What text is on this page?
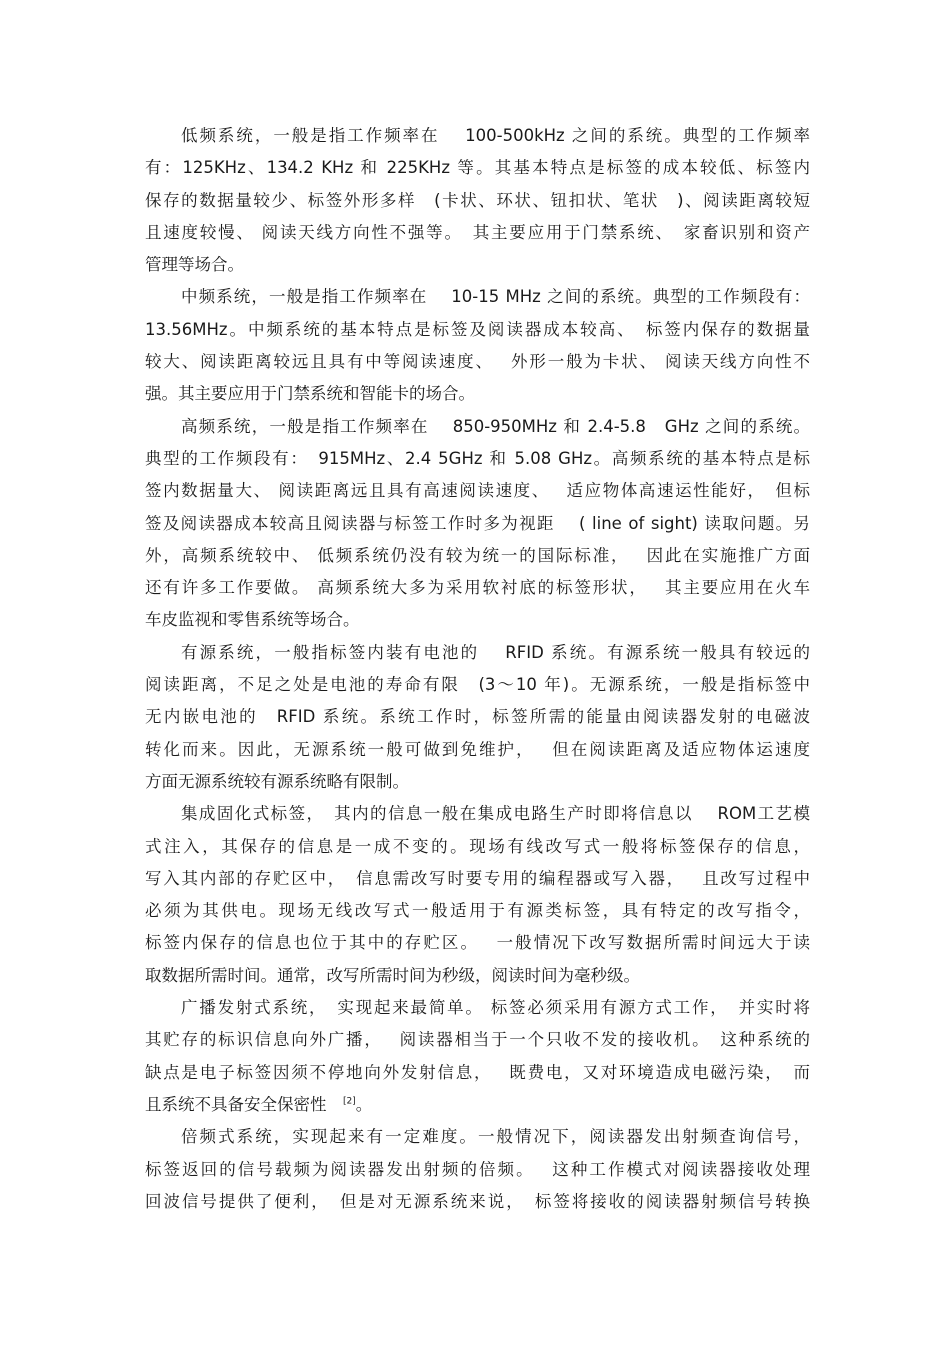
低频系统，一般是指工作频率在　 100-500kHz 之间的系统。典型的工作频率
有：125KHz、134.2 KHz 和 225KHz 等。其基本特点是标签的成本较低、标签内
保存的数据量较少、标签外形多样　(卡状、环状、钮扣状、笔状　)、阅读距离较短
且速度较慢、 阅读天线方向性不强等。　其主要应用于门禁系统、　家畜识别和资产
管理等场合。
中频系统，一般是指工作频率在　 10-15 MHz 之间的系统。典型的工作频段有：
13.56MHz。中频系统的基本特点是标签及阅读器成本较高、　标签内保存的数据量
较大、阅读距离较远且具有中等阅读速度、　 外形一般为卡状、 阅读天线方向性不
强。其主要应用于门禁系统和智能卡的场合。
高频系统，一般是指工作频率在　 850-950MHz 和 2.4-5.8　GHz 之间的系统。
典型的工作频段有：　915MHz、2.4 5GHz 和 5.08 GHz。高频系统的基本特点是标
签内数据量大、 阅读距离远且具有高速阅读速度、　 适应物体高速运性能好，　但标
签及阅读器成本较高且阅读器与标签工作时多为视距　 ( line of sight) 读取问题。另
外，高频系统较中、 低频系统仍没有较为统一的国际标准，　 因此在实施推广方面
还有许多工作要做。 高频系统大多为采用软衬底的标签形状，　 其主要应用在火车
车皮监视和零售系统等场合。
有源系统，一般指标签内装有电池的　 RFID 系统。有源系统一般具有较远的
阅读距离，不足之处是电池的寿命有限　(3～10 年)。无源系统，一般是指标签中
无内嵌电池的　RFID 系统。系统工作时，标签所需的能量由阅读器发射的电磁波
转化而来。因此，无源系统一般可做到免维护，　 但在阅读距离及适应物体运速度
方面无源系统较有源系统略有限制。
集成固化式标签，　其内的信息一般在集成电路生产时即将信息以　 ROM工艺模
式注入，其保存的信息是一成不变的。现场有线改写式一般将标签保存的信息，
写入其内部的存贮区中，　信息需改写时要专用的编程器或写入器，　 且改写过程中
必须为其供电。现场无线改写式一般适用于有源类标签，具有特定的改写指令，
标签内保存的信息也位于其中的存贮区。　 一般情况下改写数据所需时间远大于读
取数据所需时间。通常，改写所需时间为秒级，阅读时间为毫秒级。
广播发射式系统，　实现起来最简单。 标签必须采用有源方式工作，　并实时将
其贮存的标识信息向外广播，　 阅读器相当于一个只收不发的接收机。　这种系统的
缺点是电子标签因须不停地向外发射信息，　 既费电，又对环境造成电磁污染，　而
且系统不具备安全保密性　[2]。
倍频式系统，实现起来有一定难度。一般情况下，阅读器发出射频查询信号，
标签返回的信号载频为阅读器发出射频的倍频。　 这种工作模式对阅读器接收处理
回波信号提供了便利，　但是对无源系统来说，　标签将接收的阅读器射频信号转换
